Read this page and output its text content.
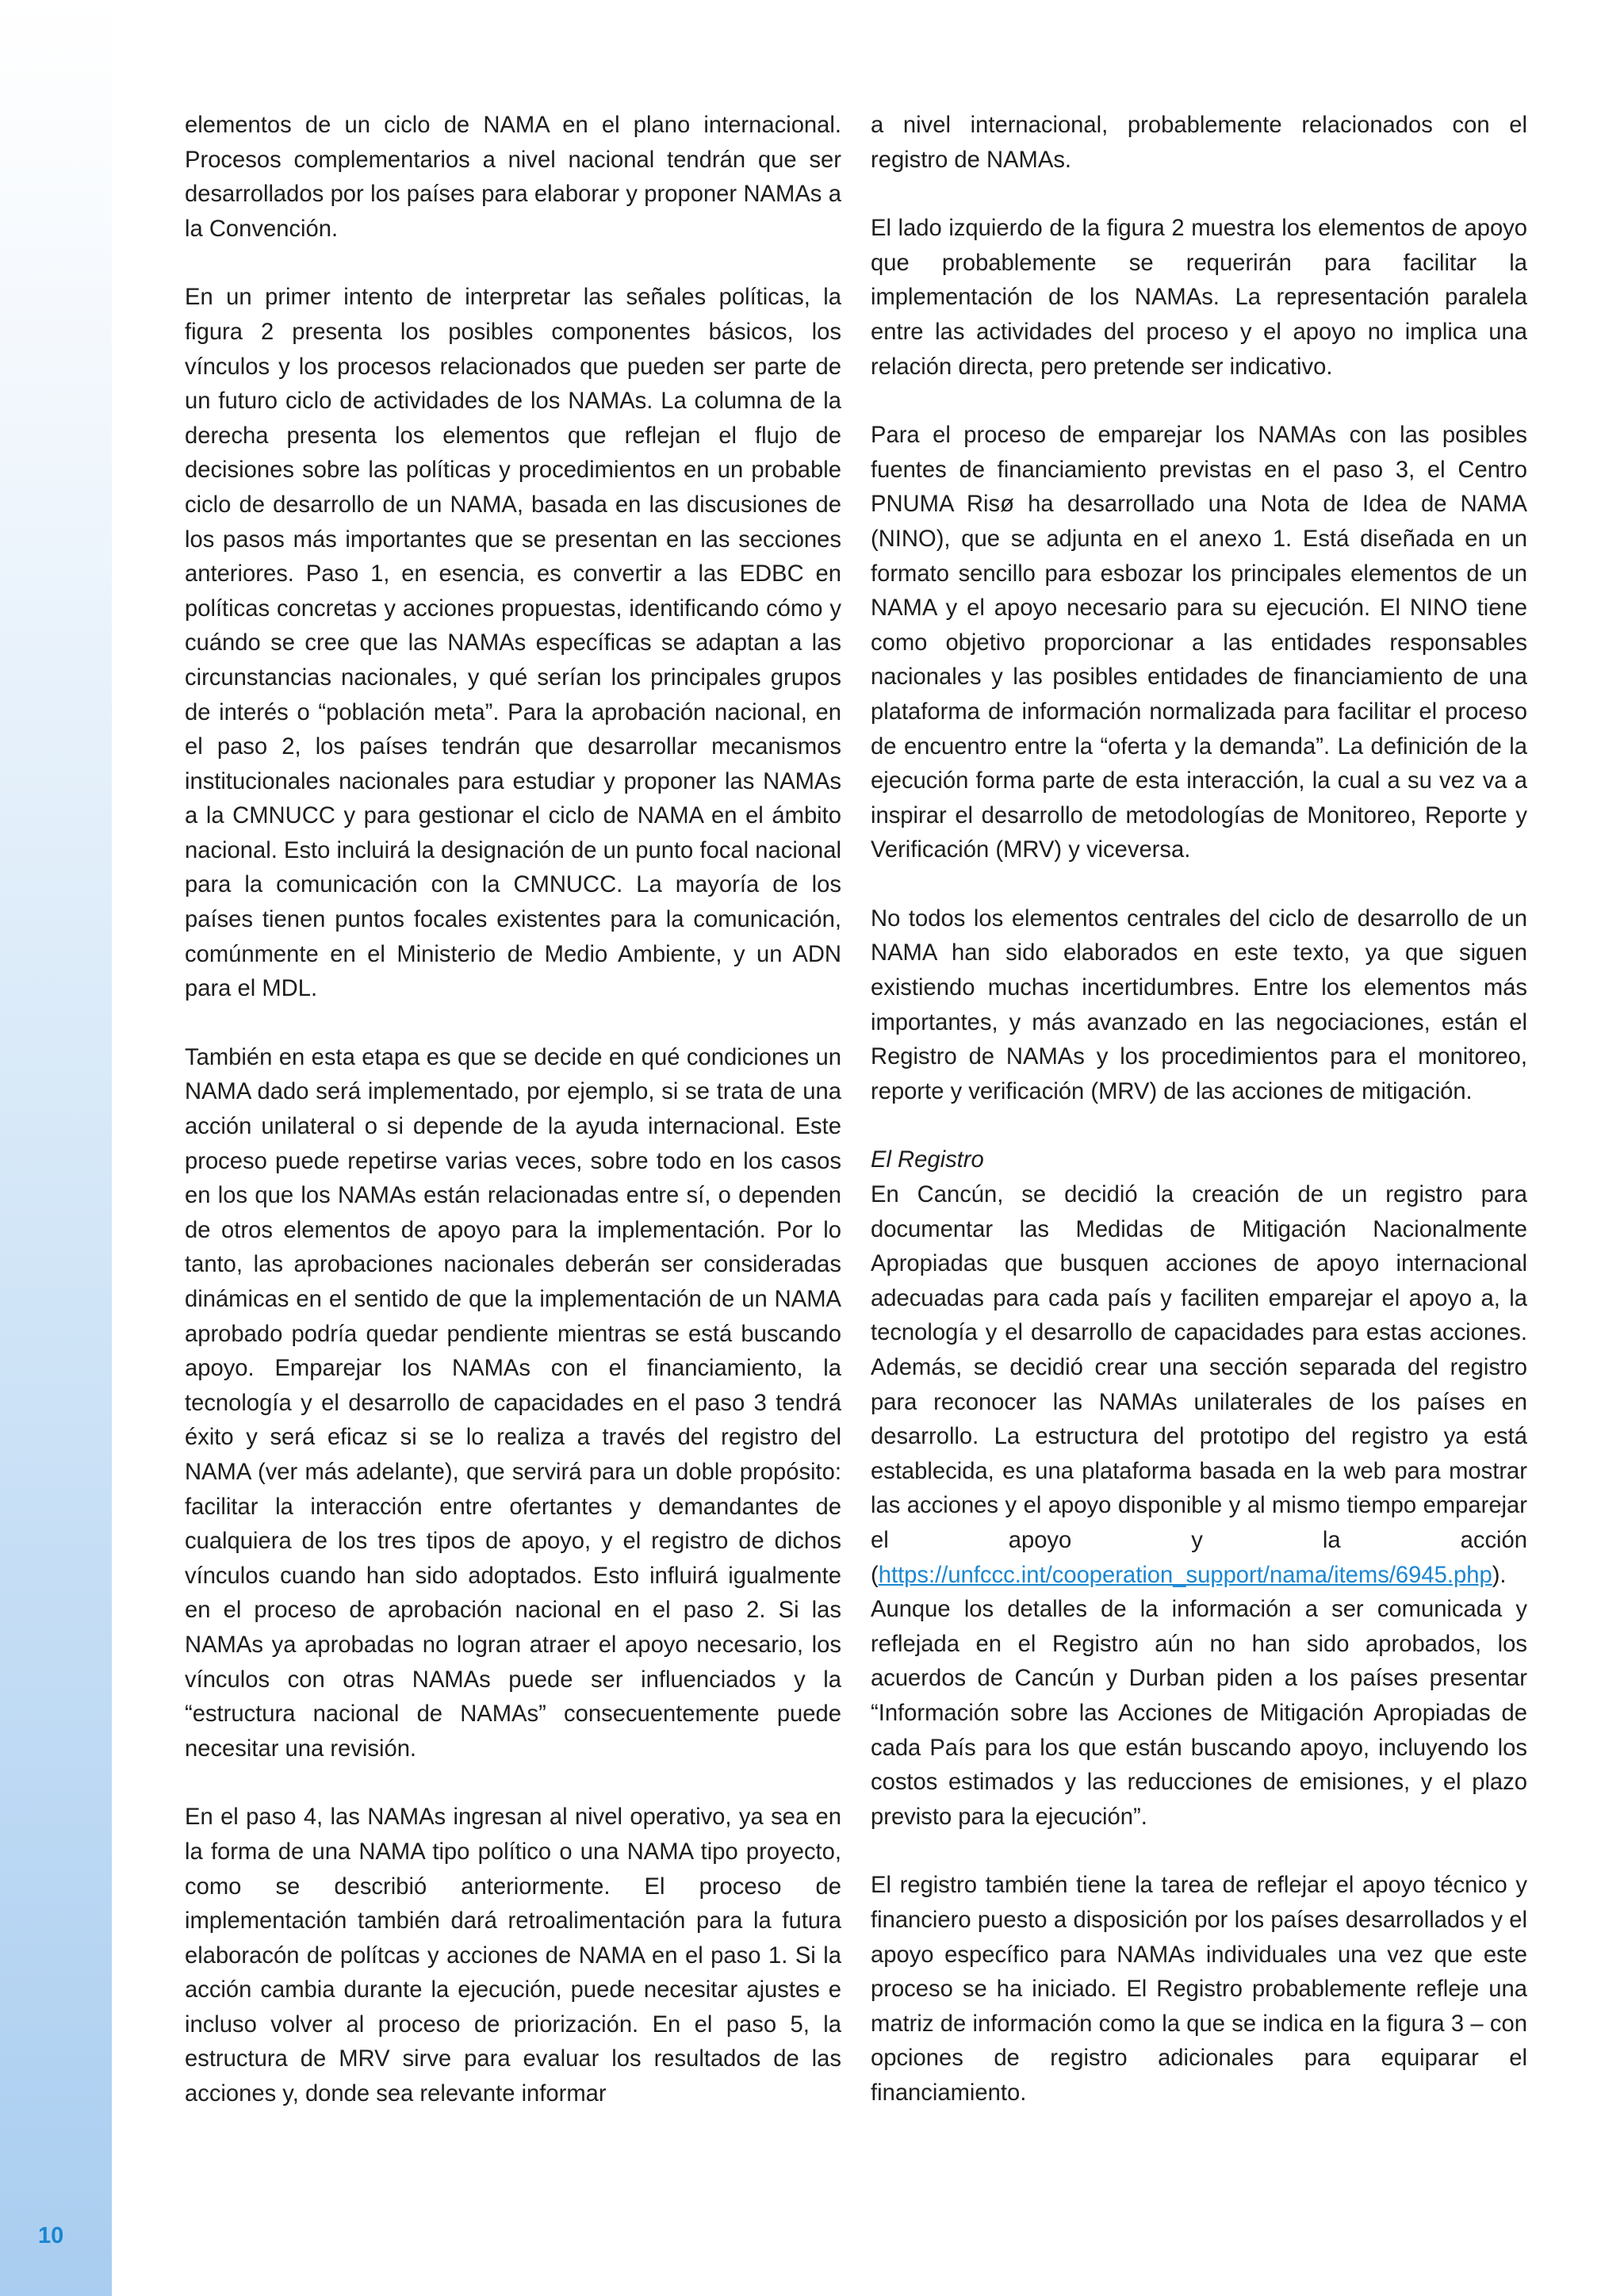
elementos de un ciclo de NAMA en el plano internacional. Procesos complementarios a nivel nacional tendrán que ser desarrollados por los países para elaborar y proponer NAMAs a la Convención.

En un primer intento de interpretar las señales políticas, la figura 2 presenta los posibles componentes básicos, los vínculos y los procesos relacionados que pueden ser parte de un futuro ciclo de actividades de los NAMAs. La columna de la derecha presenta los elementos que reflejan el flujo de decisiones sobre las políticas y procedimientos en un probable ciclo de desarrollo de un NAMA, basada en las discusiones de los pasos más importantes que se presentan en las secciones anteriores. Paso 1, en esencia, es convertir a las EDBC en políticas concretas y acciones propuestas, identificando cómo y cuándo se cree que las NAMAs específicas se adaptan a las circunstancias nacionales, y qué serían los principales grupos de interés o “población meta”. Para la aprobación nacional, en el paso 2, los países tendrán que desarrollar mecanismos institucionales nacionales para estudiar y proponer las NAMAs a la CMNUCC y para gestionar el ciclo de NAMA en el ámbito nacional. Esto incluirá la designación de un punto focal nacional para la comunicación con la CMNUCC. La mayoría de los países tienen puntos focales existentes para la comunicación, comúnmente en el Ministerio de Medio Ambiente, y un ADN para el MDL.

También en esta etapa es que se decide en qué condiciones un NAMA dado será implementado, por ejemplo, si se trata de una acción unilateral o si depende de la ayuda internacional. Este proceso puede repetirse varias veces, sobre todo en los casos en los que los NAMAs están relacionadas entre sí, o dependen de otros elementos de apoyo para la implementación. Por lo tanto, las aprobaciones nacionales deberán ser consideradas dinámicas en el sentido de que la implementación de un NAMA aprobado podría quedar pendiente mientras se está buscando apoyo. Emparejar los NAMAs con el financiamiento, la tecnología y el desarrollo de capacidades en el paso 3 tendrá éxito y será eficaz si se lo realiza a través del registro del NAMA (ver más adelante), que servirá para un doble propósito: facilitar la interacción entre ofertantes y demandantes de cualquiera de los tres tipos de apoyo, y el registro de dichos vínculos cuando han sido adoptados. Esto influirá igualmente en el proceso de aprobación nacional en el paso 2. Si las NAMAs ya aprobadas no logran atraer el apoyo necesario, los vínculos con otras NAMAs puede ser influenciados y la “estructura nacional de NAMAs” consecuentemente puede necesitar una revisión.

En el paso 4, las NAMAs ingresan al nivel operativo, ya sea en la forma de una NAMA tipo político o una NAMA tipo proyecto, como se describió anteriormente. El proceso de implementación también dará retroalimentación para la futura elaboracón de polítcas y acciones de NAMA en el paso 1. Si la acción cambia durante la ejecución, puede necesitar ajustes e incluso volver al proceso de priorización. En el paso 5, la estructura de MRV sirve para evaluar los resultados de las acciones y, donde sea relevante informar

a nivel internacional, probablemente relacionados con el registro de NAMAs.

El lado izquierdo de la figura 2 muestra los elementos de apoyo que probablemente se requerirán para facilitar la implementación de los NAMAs. La representación paralela entre las actividades del proceso y el apoyo no implica una relación directa, pero pretende ser indicativo.

Para el proceso de emparejar los NAMAs con las posibles fuentes de financiamiento previstas en el paso 3, el Centro PNUMA Risø ha desarrollado una Nota de Idea de NAMA (NINO), que se adjunta en el anexo 1. Está diseñada en un formato sencillo para esbozar los principales elementos de un NAMA y el apoyo necesario para su ejecución. El NINO tiene como objetivo proporcionar a las entidades responsables nacionales y las posibles entidades de financiamiento de una plataforma de información normalizada para facilitar el proceso de encuentro entre la “oferta y la demanda”. La definición de la ejecución forma parte de esta interacción, la cual a su vez va a inspirar el desarrollo de metodologías de Monitoreo, Reporte y Verificación (MRV) y viceversa.

No todos los elementos centrales del ciclo de desarrollo de un NAMA han sido elaborados en este texto, ya que siguen existiendo muchas incertidumbres. Entre los elementos más importantes, y más avanzado en las negociaciones, están el Registro de NAMAs y los procedimientos para el monitoreo, reporte y verificación (MRV) de las acciones de mitigación.

El Registro
En Cancún, se decidió la creación de un registro para documentar las Medidas de Mitigación Nacionalmente Apropiadas que busquen acciones de apoyo internacional adecuadas para cada país y faciliten emparejar el apoyo a, la tecnología y el desarrollo de capacidades para estas acciones. Además, se decidió crear una sección separada del registro para reconocer las NAMAs unilaterales de los países en desarrollo. La estructura del prototipo del registro ya está establecida, es una plataforma basada en la web para mostrar las acciones y el apoyo disponible y al mismo tiempo emparejar el apoyo y la acción (https://unfccc.int/cooperation_support/nama/items/6945.php). Aunque los detalles de la información a ser comunicada y reflejada en el Registro aún no han sido aprobados, los acuerdos de Cancún y Durban piden a los países presentar “Información sobre las Acciones de Mitigación Apropiadas de cada País para los que están buscando apoyo, incluyendo los costos estimados y las reducciones de emisiones, y el plazo previsto para la ejecución”.

El registro también tiene la tarea de reflejar el apoyo técnico y financiero puesto a disposición por los países desarrollados y el apoyo específico para NAMAs individuales una vez que este proceso se ha iniciado. El Registro probablemente refleje una matriz de información como la que se indica en la figura 3 – con opciones de registro adicionales para equiparar el financiamiento.

10
